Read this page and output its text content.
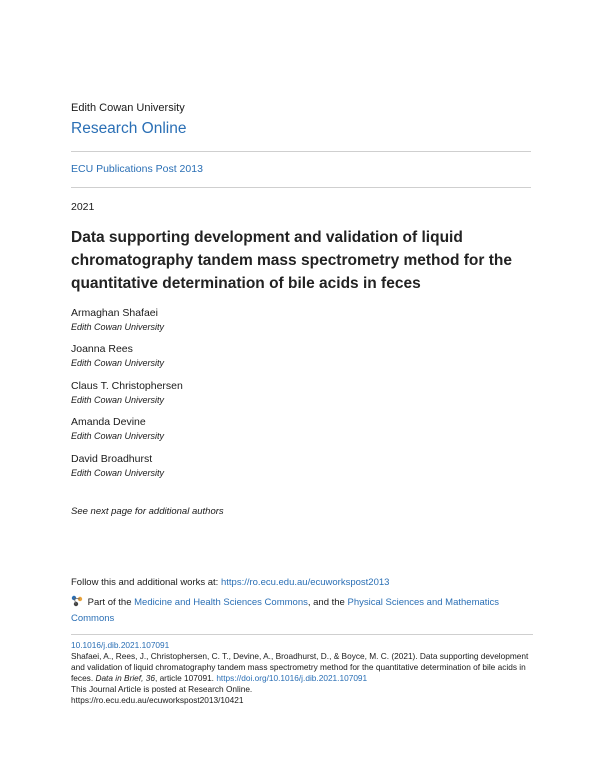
Edith Cowan University
Research Online
ECU Publications Post 2013
2021
Data supporting development and validation of liquid chromatography tandem mass spectrometry method for the quantitative determination of bile acids in feces
Armaghan Shafaei
Edith Cowan University
Joanna Rees
Edith Cowan University
Claus T. Christophersen
Edith Cowan University
Amanda Devine
Edith Cowan University
David Broadhurst
Edith Cowan University
See next page for additional authors
Follow this and additional works at: https://ro.ecu.edu.au/ecuworkspost2013
Part of the Medicine and Health Sciences Commons, and the Physical Sciences and Mathematics Commons
10.1016/j.dib.2021.107091
Shafaei, A., Rees, J., Christophersen, C. T., Devine, A., Broadhurst, D., & Boyce, M. C. (2021). Data supporting development and validation of liquid chromatography tandem mass spectrometry method for the quantitative determination of bile acids in feces. Data in Brief, 36, article 107091. https://doi.org/10.1016/j.dib.2021.107091
This Journal Article is posted at Research Online.
https://ro.ecu.edu.au/ecuworkspost2013/10421
